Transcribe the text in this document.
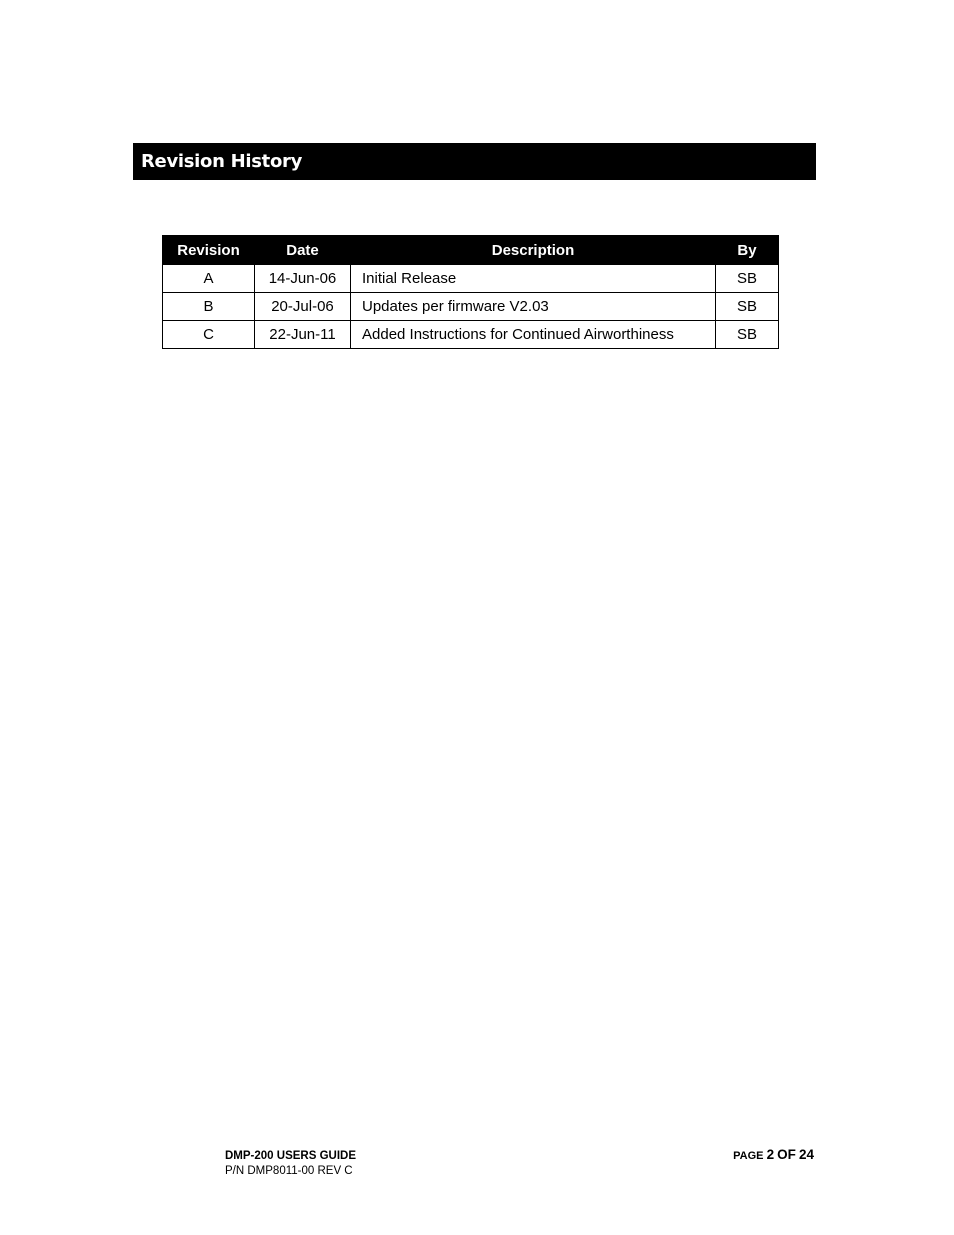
Revision History
Revision	Date	Description	By
A	14-Jun-06	Initial Release	SB
B	20-Jul-06	Updates per firmware V2.03	SB
C	22-Jun-11	Added Instructions for Continued Airworthiness	SB
DMP-200 USERS GUIDE
P/N DMP8011-00 REV C
PAGE 2 OF 24
